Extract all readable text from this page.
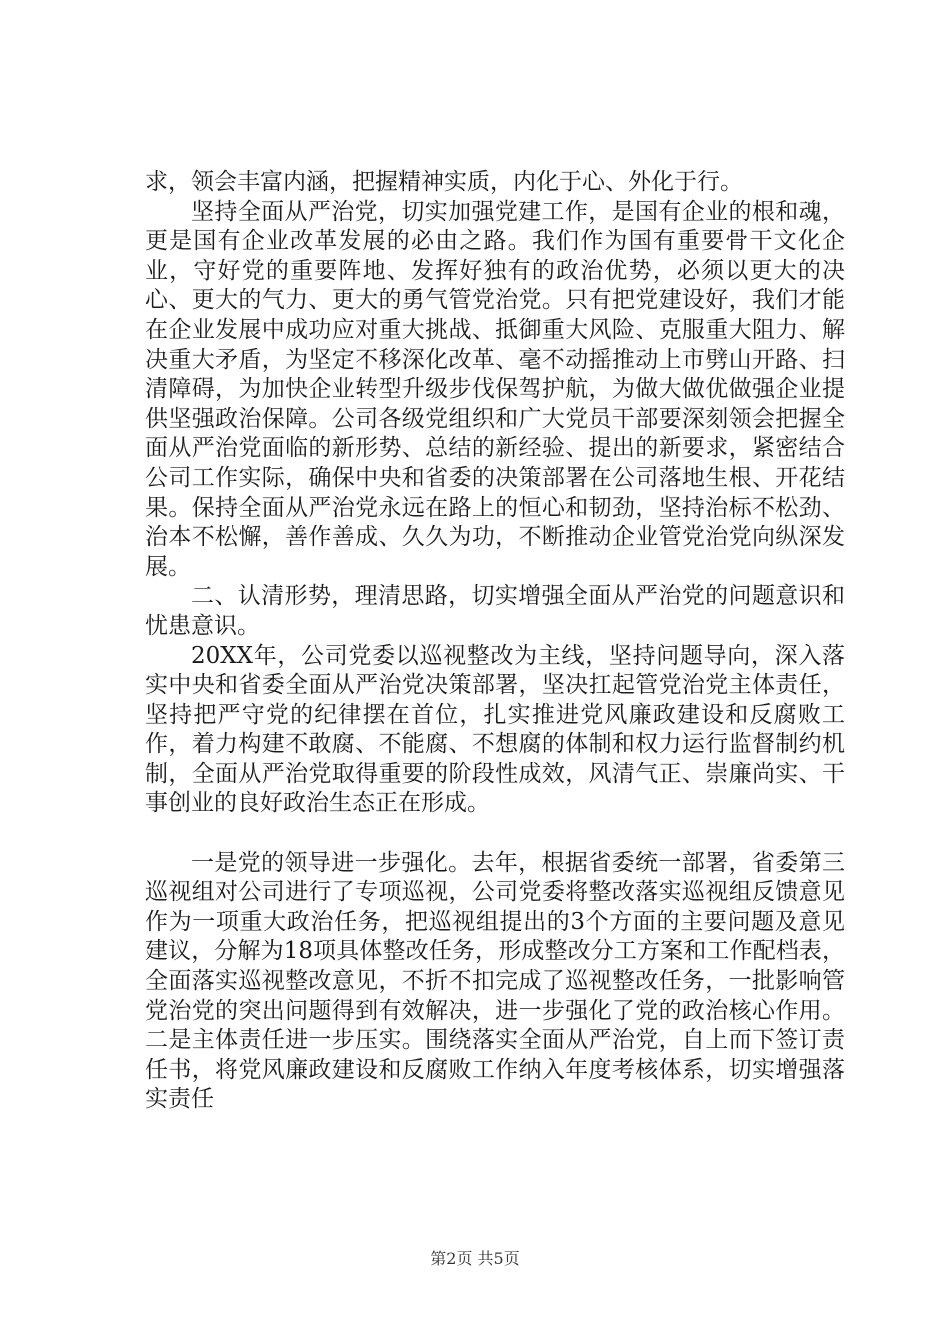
求，领会丰富内涵，把握精神实质，内化于心、外化于行。

坚持全面从严治党，切实加强党建工作，是国有企业的根和魂，更是国有企业改革发展的必由之路。我们作为国有重要骨干文化企业，守好党的重要阵地、发挥好独有的政治优势，必须以更大的决心、更大的气力、更大的勇气管党治党。只有把党建设好，我们才能在企业发展中成功应对重大挑战、抵御重大风险、克服重大阻力、解决重大矛盾，为坚定不移深化改革、毫不动摇推动上市劈山开路、扫清障碍，为加快企业转型升级步伐保驾护航，为做大做优做强企业提供坚强政治保障。公司各级党组织和广大党员干部要深刻领会把握全面从严治党面临的新形势、总结的新经验、提出的新要求，紧密结合公司工作实际，确保中央和省委的决策部署在公司落地生根、开花结果。保持全面从严治党永远在路上的恒心和韧劲，坚持治标不松劲、治本不松懈，善作善成、久久为功，不断推动企业管党治党向纵深发展。

二、认清形势，理清思路，切实增强全面从严治党的问题意识和忧患意识。

20XX年，公司党委以巡视整改为主线，坚持问题导向，深入落实中央和省委全面从严治党决策部署，坚决扛起管党治党主体责任，坚持把严守党的纪律摆在首位，扎实推进党风廉政建设和反腐败工作，着力构建不敢腐、不能腐、不想腐的体制和权力运行监督制约机制，全面从严治党取得重要的阶段性成效，风清气正、崇廉尚实、干事创业的良好政治生态正在形成。

一是党的领导进一步强化。去年，根据省委统一部署，省委第三巡视组对公司进行了专项巡视，公司党委将整改落实巡视组反馈意见作为一项重大政治任务，把巡视组提出的3个方面的主要问题及意见建议，分解为18项具体整改任务，形成整改分工方案和工作配档表，全面落实巡视整改意见，不折不扣完成了巡视整改任务，一批影响管党治党的突出问题得到有效解决，进一步强化了党的政治核心作用。二是主体责任进一步压实。围绕落实全面从严治党，自上而下签订责任书，将党风廉政建设和反腐败工作纳入年度考核体系，切实增强落实责任

第2页 共5页
